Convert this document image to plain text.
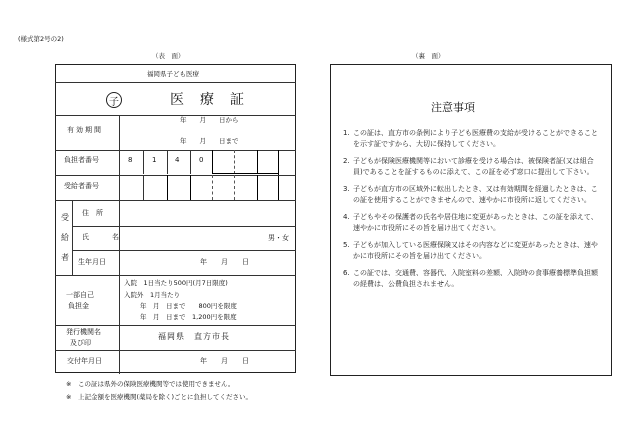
(様式第2号の2)
（表　面）	（裏　面）
福岡県子ども医療
子	医　療　証
有効期間
年　　月　　日から
年　　月　　日まで
負担者番号	8	1	4	0
受給者番号
受
給
者
住　所
氏　名	男・女
生年月日	年　　月　　日
一部自己
負担金
入院　1日当たり500円(月7日限度)
入院外　1月当たり
年　月　日まで　　800円を限度
年　月　日まで　1,200円を限度
発行機関名
及び印
福岡県　直方市長
交付年月日	年　　月　　日
※　この証は県外の保険医療機関等では使用できません。
※　上記金額を医療機関(薬局を除く)ごとに負担してください。
注意事項
1. この証は、直方市の条例により子ども医療費の支給が受けることができることを示す証ですから、大切に保持してください。
2. 子どもが保険医療機関等において診療を受ける場合は、被保険者証(又は組合員)であることを証するものに添えて、この証を必ず窓口に提出して下さい。
3. 子どもが直方市の区域外に転出したとき、又は有効期間を経過したときは、この証を使用することができませんので、速やかに市役所に返してください。
4. 子どもやその保護者の氏名や居住地に変更があったときは、この証を添えて、速やかに市役所にその旨を届け出てください。
5. 子どもが加入している医療保険又はその内容などに変更があったときは、速やかに市役所にその旨を届け出てください。
6. この証では、交通費、容器代、入院室料の差額、入院時の食事療養標準負担額の経費は、公費負担されません。
